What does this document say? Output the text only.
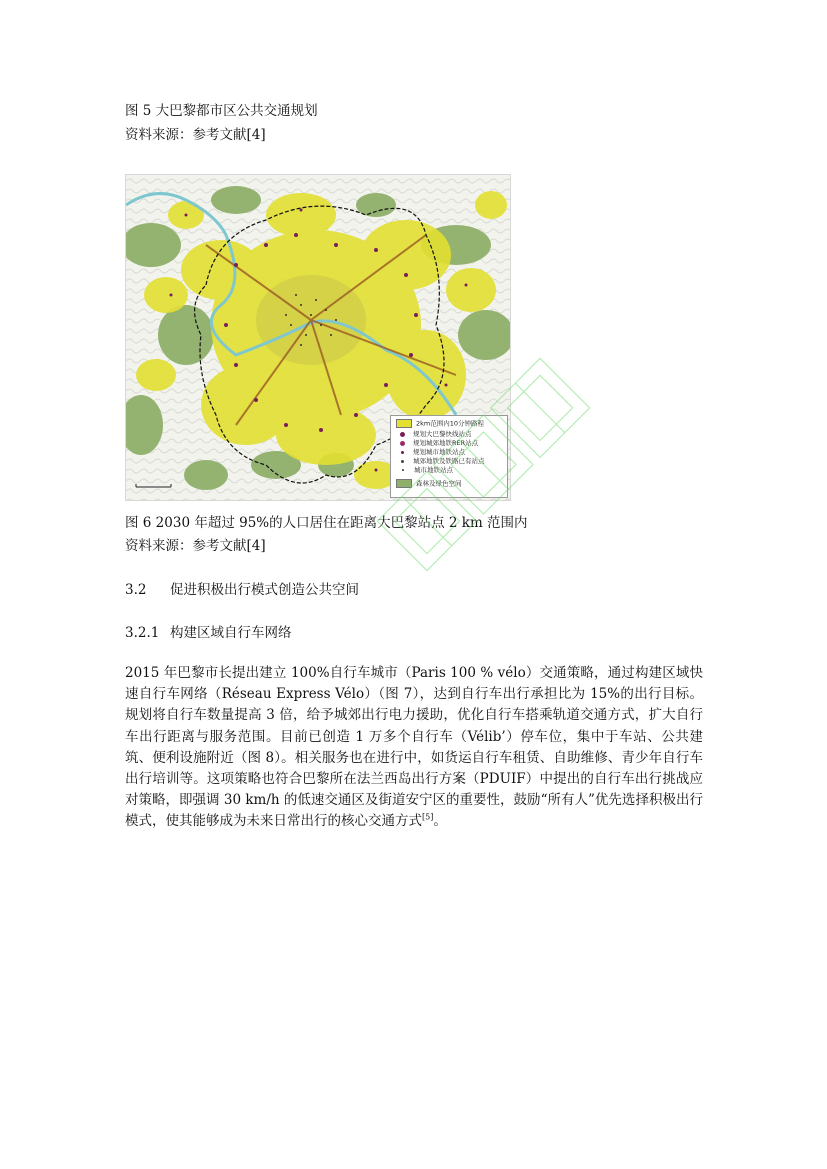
图 5 大巴黎都市区公共交通规划
资料来源：参考文献[4]
2km范围内10分钟路程
规划大巴黎快线站点
规划城郊地铁RER站点
规划城市地铁站点
城郊地铁及铁路已有站点
城市地铁站点
森林及绿色空间
图 6 2030 年超过 95%的人口居住在距离大巴黎站点 2 km 范围内
资料来源：参考文献[4]
3.2 促进积极出行模式创造公共空间
3.2.1 构建区域自行车网络
2015 年巴黎市长提出建立 100%自行车城市（Paris 100 % vélo）交通策略，通过构建区域快速自行车网络（Réseau Express Vélo）（图 7），达到自行车出行承担比为 15%的出行目标。规划将自行车数量提高 3 倍，给予城郊出行电力援助，优化自行车搭乘轨道交通方式，扩大自行车出行距离与服务范围。目前已创造 1 万多个自行车（Vélib’）停车位，集中于车站、公共建筑、便利设施附近（图 8）。相关服务也在进行中，如货运自行车租赁、自助维修、青少年自行车出行培训等。这项策略也符合巴黎所在法兰西岛出行方案（PDUIF）中提出的自行车出行挑战应对策略，即强调 30 km/h 的低速交通区及街道安宁区的重要性，鼓励“所有人”优先选择积极出行模式，使其能够成为未来日常出行的核心交通方式[5]。
